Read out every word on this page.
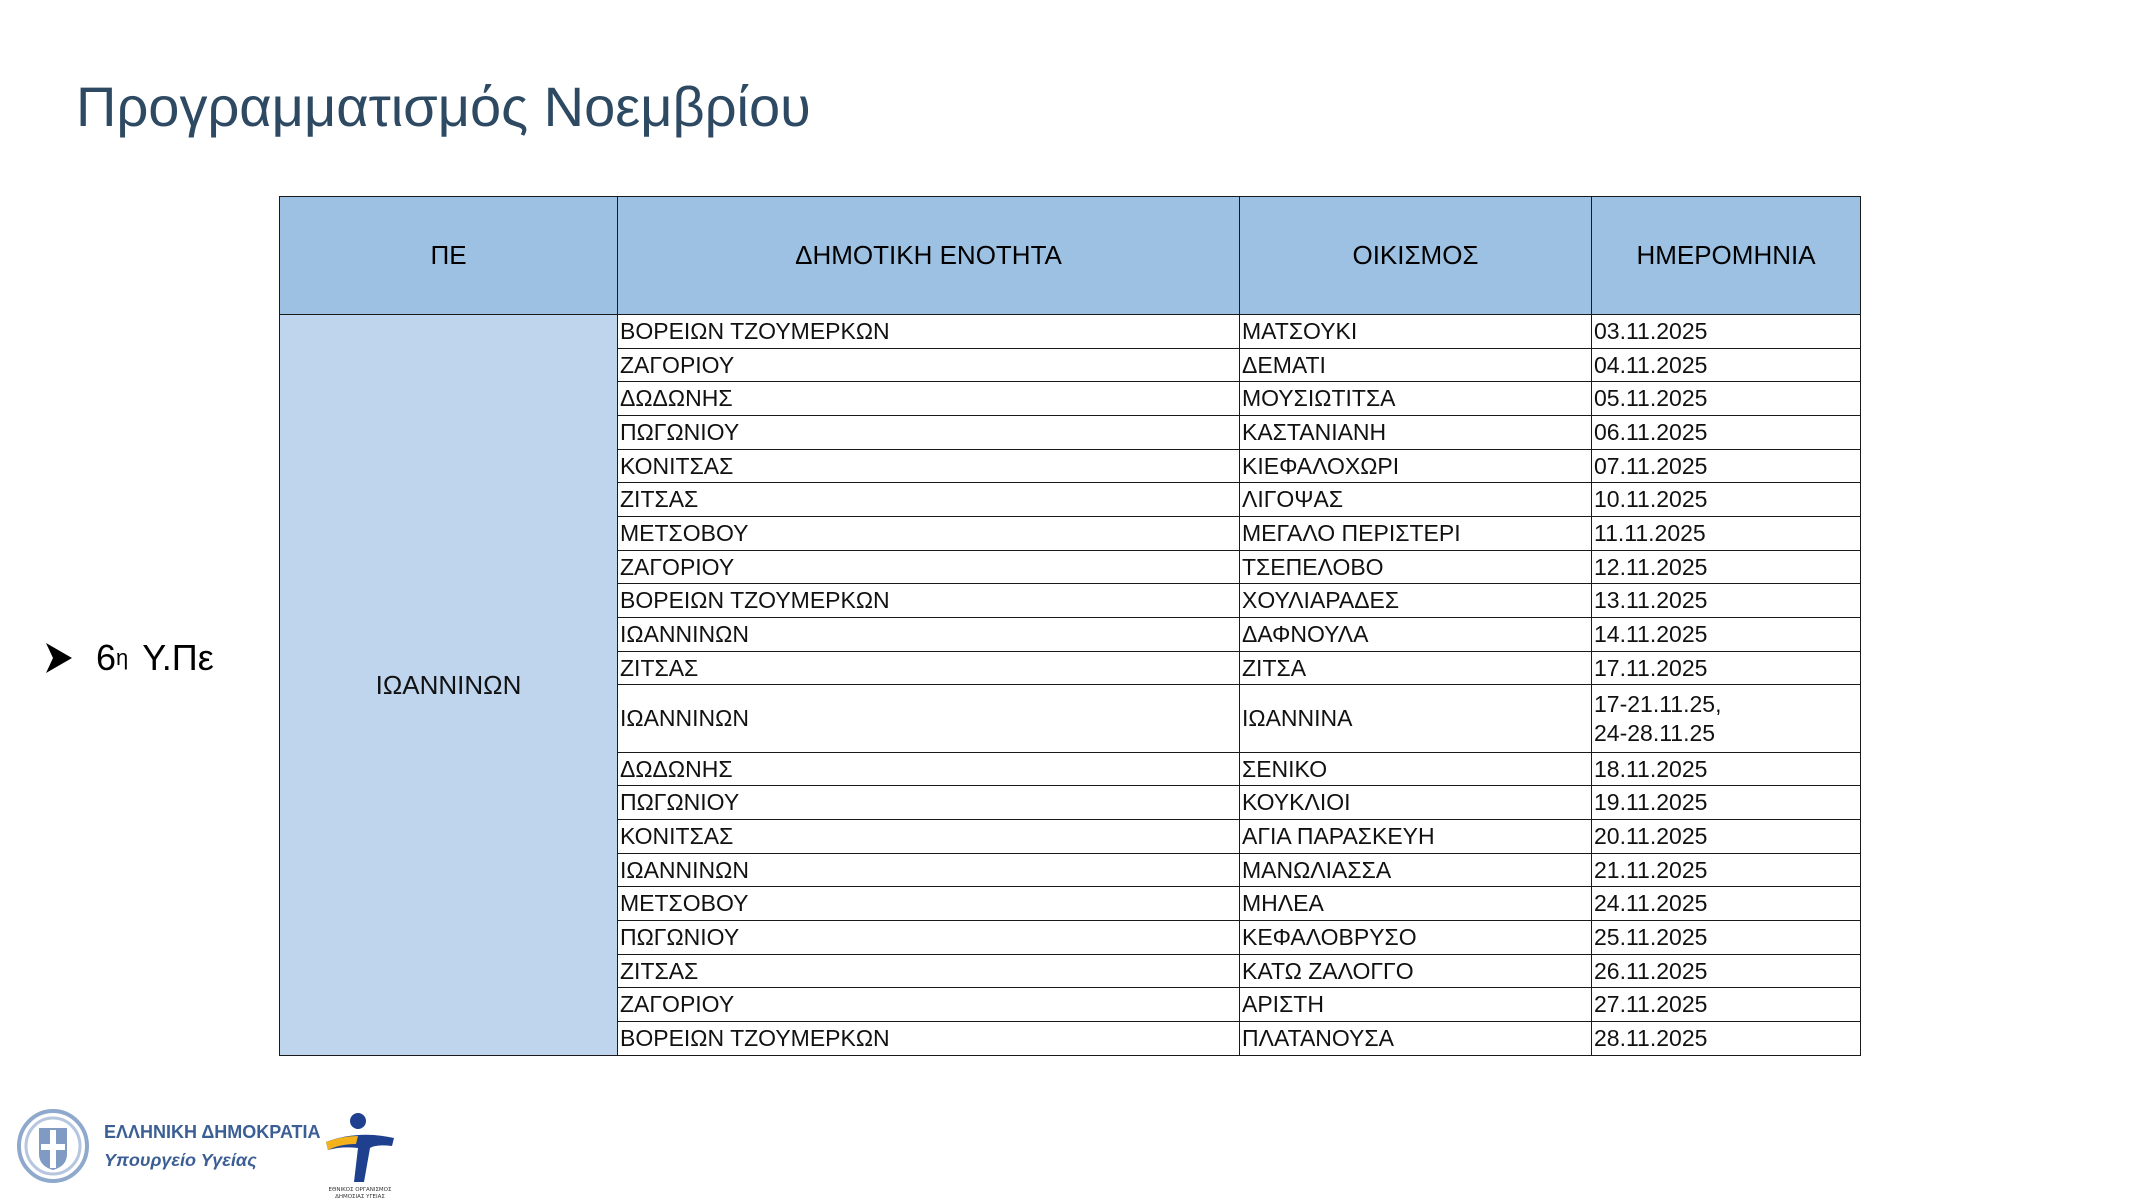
Προγραμματισμός Νοεμβρίου
6 η Υ.Πε
ΠΕ	ΔΗΜΟΤΙΚΗ ΕΝΟΤΗΤΑ	ΟΙΚΙΣΜΟΣ	ΗΜΕΡΟΜΗΝΙΑ
ΙΩΑΝΝΙΝΩΝ	ΒΟΡΕΙΩΝ ΤΖΟΥΜΕΡΚΩΝ	ΜΑΤΣΟΥΚΙ	03.11.2025
	ΖΑΓΟΡΙΟΥ	ΔΕΜΑΤΙ	04.11.2025
	ΔΩΔΩΝΗΣ	ΜΟΥΣΙΩΤΙΤΣΑ	05.11.2025
	ΠΩΓΩΝΙΟΥ	ΚΑΣΤΑΝΙΑΝΗ	06.11.2025
	ΚΟΝΙΤΣΑΣ	ΚΙΕΦΑΛΟΧΩΡΙ	07.11.2025
	ΖΙΤΣΑΣ	ΛΙΓΟΨΑΣ	10.11.2025
	ΜΕΤΣΟΒΟΥ	ΜΕΓΑΛΟ ΠΕΡΙΣΤΕΡΙ	11.11.2025
	ΖΑΓΟΡΙΟΥ	ΤΣΕΠΕΛΟΒΟ	12.11.2025
	ΒΟΡΕΙΩΝ ΤΖΟΥΜΕΡΚΩΝ	ΧΟΥΛΙΑΡΑΔΕΣ	13.11.2025
	ΙΩΑΝΝΙΝΩΝ	ΔΑΦΝΟΥΛΑ	14.11.2025
	ΖΙΤΣΑΣ	ΖΙΤΣΑ	17.11.2025
	ΙΩΑΝΝΙΝΩΝ	ΙΩΑΝΝΙΝΑ	17-21.11.25,
24-28.11.25

	ΔΩΔΩΝΗΣ	ΣΕΝΙΚΟ	18.11.2025
	ΠΩΓΩΝΙΟΥ	ΚΟΥΚΛΙΟΙ	19.11.2025
	ΚΟΝΙΤΣΑΣ	ΑΓΙΑ ΠΑΡΑΣΚΕΥΗ	20.11.2025
	ΙΩΑΝΝΙΝΩΝ	ΜΑΝΩΛΙΑΣΣΑ	21.11.2025
	ΜΕΤΣΟΒΟΥ	ΜΗΛΕΑ	24.11.2025
	ΠΩΓΩΝΙΟΥ	ΚΕΦΑΛΟΒΡΥΣΟ	25.11.2025
	ΖΙΤΣΑΣ	ΚΑΤΩ ΖΑΛΟΓΓΟ	26.11.2025
	ΖΑΓΟΡΙΟΥ	ΑΡΙΣΤΗ	27.11.2025
	ΒΟΡΕΙΩΝ ΤΖΟΥΜΕΡΚΩΝ	ΠΛΑΤΑΝΟΥΣΑ	28.11.2025
ΕΛΛΗΝΙΚΗ ΔΗΜΟΚΡΑΤΙΑ
Υπουργείο Υγείας
ΕΘΝΙΚΟΣ ΟΡΓΑΝΙΣΜΟΣ
ΔΗΜΟΣΙΑΣ ΥΓΕΙΑΣ
